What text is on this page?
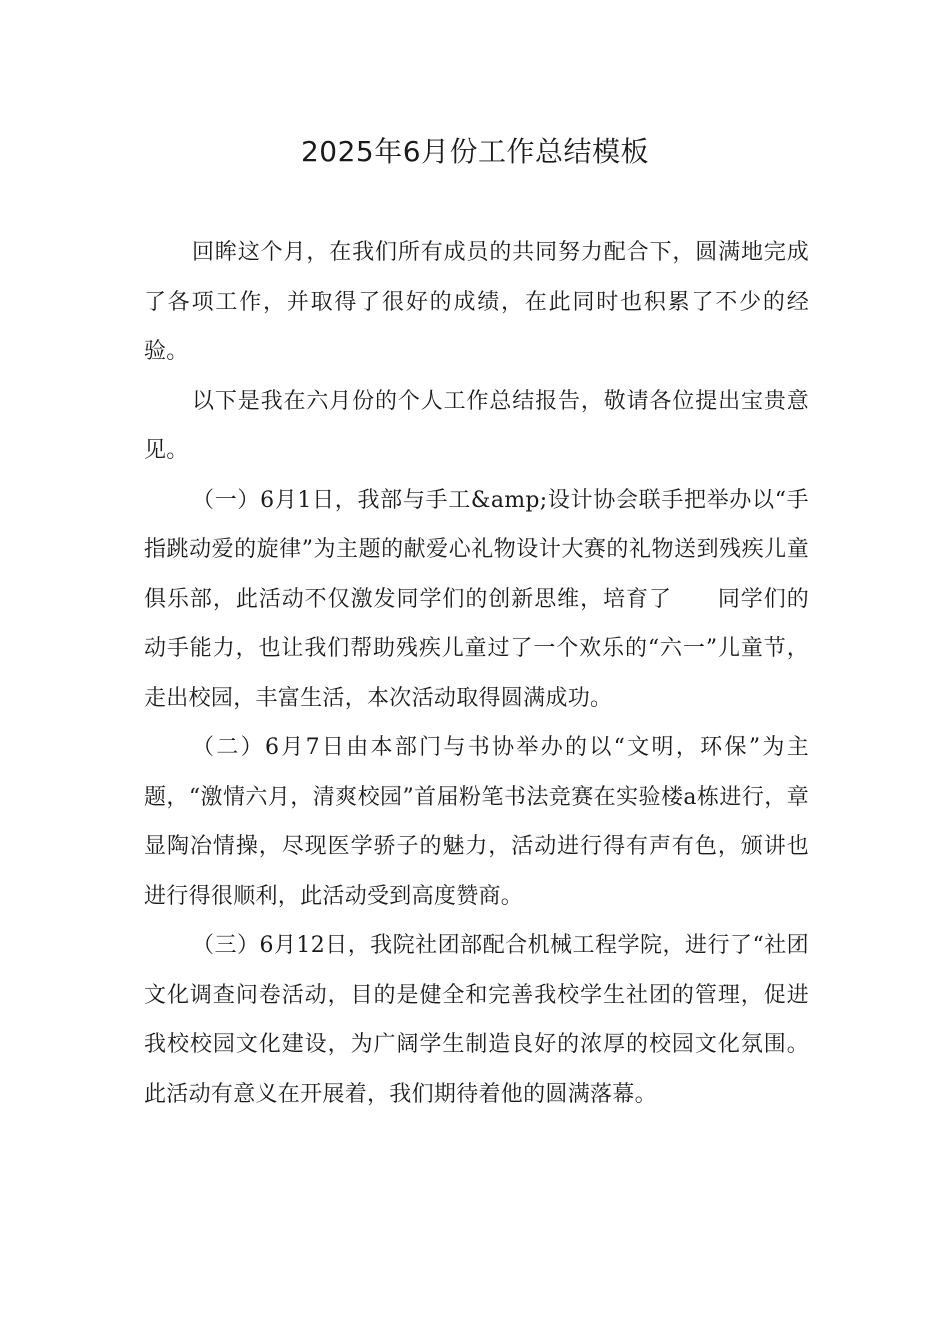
2025年6月份工作总结模板

回眸这个月，在我们所有成员的共同努力配合下，圆满地完成了各项工作，并取得了很好的成绩，在此同时也积累了不少的经验。

以下是我在六月份的个人工作总结报告，敬请各位提出宝贵意见。

（一）6月1日，我部与手工&amp;设计协会联手把举办以“手指跳动爱的旋律”为主题的献爱心礼物设计大赛的礼物送到残疾儿童俱乐部，此活动不仅激发同学们的创新思维，培育了　　同学们的动手能力，也让我们帮助残疾儿童过了一个欢乐的“六一”儿童节，走出校园，丰富生活，本次活动取得圆满成功。

（二）6月7日由本部门与书协举办的以“文明，环保”为主题，“激情六月，清爽校园”首届粉笔书法竞赛在实验楼a栋进行，章显陶冶情操，尽现医学骄子的魅力，活动进行得有声有色，颁讲也进行得很顺利，此活动受到高度赞商。

（三）6月12日，我院社团部配合机械工程学院，进行了“社团文化调查问卷活动，目的是健全和完善我校学生社团的管理，促进我校校园文化建设，为广阔学生制造良好的浓厚的校园文化氛围。此活动有意义在开展着，我们期待着他的圆满落幕。
